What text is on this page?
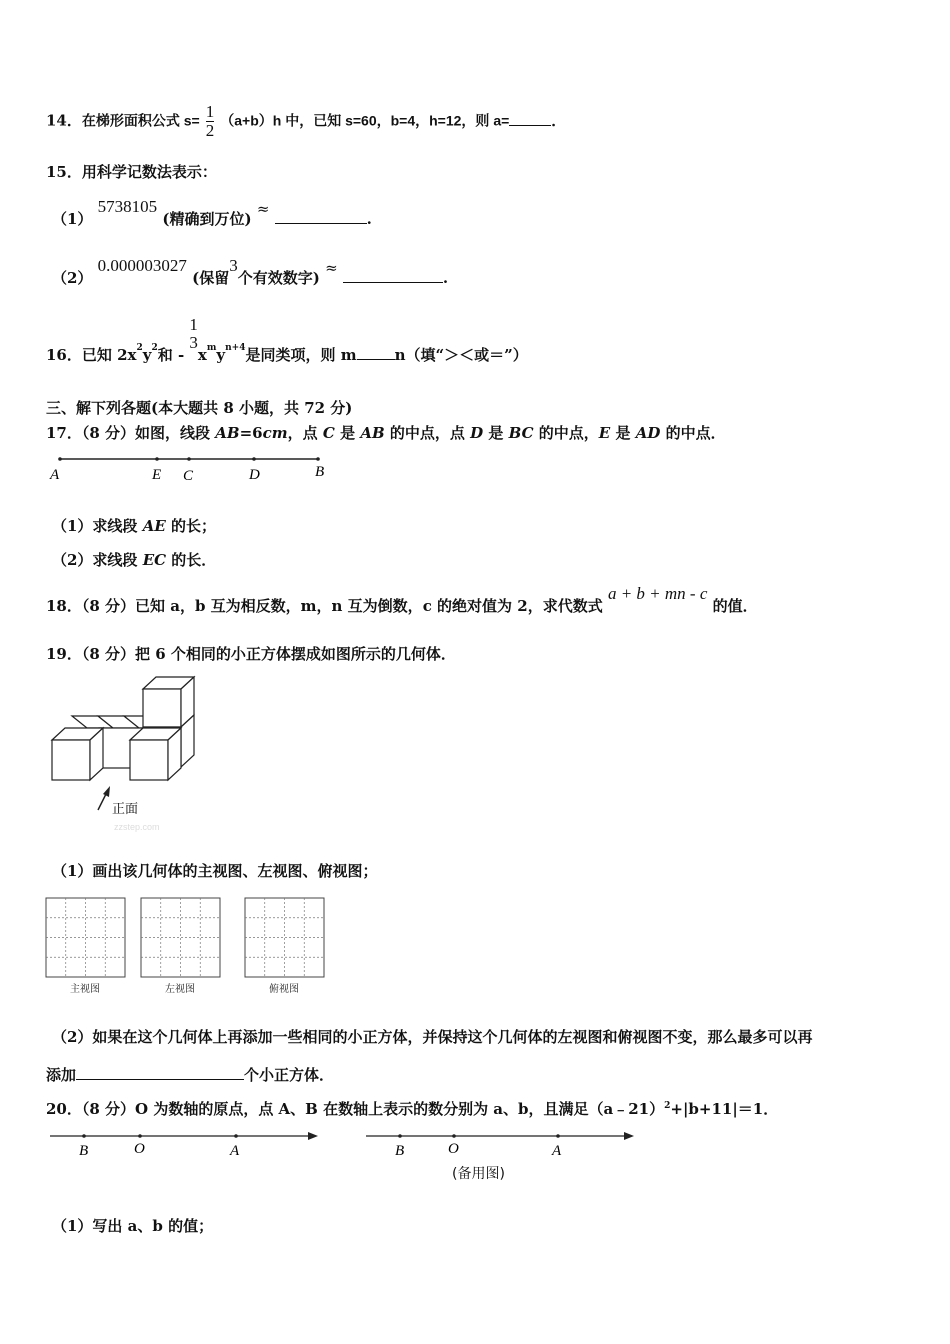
14．在梯形面积公式 $s= \frac{1}{2} (a+b)h$ 中，已知 s=60，b=4，h=12，则 a=	．
15．用科学记数法表示：
（1） 5738105 (精确到万位) ≈ .
（2） 0.000003027 (保留3个有效数字) ≈ .
16．已知 $2x^2y^2$和 -
1
3
$x^my^{n+4}$是同类项，则 m	n（填“＞＜或＝”）
三、解下列各题(本大题共 8 小题，共 72 分)
17．（8 分）如图，线段 AB=6cm，点 C 是 AB 的中点，点 D 是 BC 的中点，E 是 AD 的中点．
A	E C	D	B
（1）求线段 AE 的长；
（2）求线段 EC 的长．
18．（8 分）已知 a，b 互为相反数，m，n 互为倒数，c 的绝对值为 2，求代数式 a + b + mn - c 的值．
19．（8 分）把 6 个相同的小正方体摆成如图所示的几何体．
正面
zzstep.com
（1）画出该几何体的主视图、左视图、俯视图；
主视图	左视图	俯视图
（2）如果在这个几何体上再添加一些相同的小正方体，并保持这个几何体的左视图和俯视图不变，那么最多可以再
添加	个小正方体．
20．（8 分）O 为数轴的原点，点 A、B 在数轴上表示的数分别为 a、b，且满足（a﹣21）$^2$+|b+11|＝1．
B	O	A	B	O	A
(备用图)
（1）写出 a、b 的值；
